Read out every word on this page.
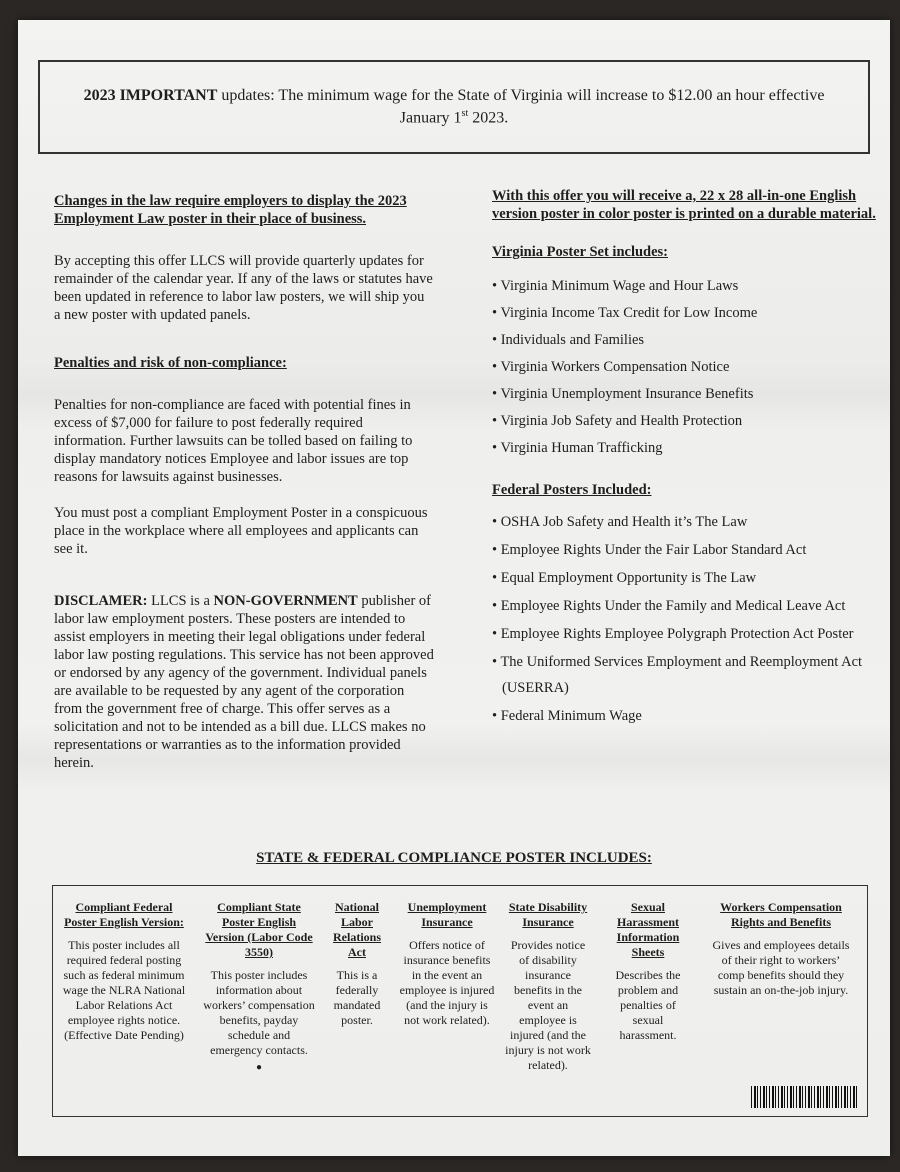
2023 IMPORTANT updates: The minimum wage for the State of Virginia will increase to $12.00 an hour effective
January 1st 2023.

Changes in the law require employers to display the 2023 Employment Law poster in their place of business.

By accepting this offer LLCS will provide quarterly updates for remainder of the calendar year. If any of the laws or statutes have been updated in reference to labor law posters, we will ship you a new poster with updated panels.

Penalties and risk of non-compliance:

Penalties for non-compliance are faced with potential fines in excess of $7,000 for failure to post federally required information. Further lawsuits can be tolled based on failing to display mandatory notices Employee and labor issues are top reasons for lawsuits against businesses.

You must post a compliant Employment Poster in a conspicuous place in the workplace where all employees and applicants can see it.

DISCLAMER: LLCS is a NON-GOVERNMENT publisher of labor law employment posters. These posters are intended to assist employers in meeting their legal obligations under federal labor law posting regulations. This service has not been approved or endorsed by any agency of the government. Individual panels are available to be requested by any agent of the corporation from the government free of charge. This offer serves as a solicitation and not to be intended as a bill due. LLCS makes no representations or warranties as to the information provided herein.

With this offer you will receive a, 22 x 28 all-in-one English version poster in color poster is printed on a durable material.

Virginia Poster Set includes:

• Virginia Minimum Wage and Hour Laws
• Virginia Income Tax Credit for Low Income
• Individuals and Families
• Virginia Workers Compensation Notice
• Virginia Unemployment Insurance Benefits
• Virginia Job Safety and Health Protection
• Virginia Human Trafficking

Federal Posters Included:

• OSHA Job Safety and Health it’s The Law
• Employee Rights Under the Fair Labor Standard Act
• Equal Employment Opportunity is The Law
• Employee Rights Under the Family and Medical Leave Act
• Employee Rights Employee Polygraph Protection Act Poster
• The Uniformed Services Employment and Reemployment Act (USERRA)
• Federal Minimum Wage
STATE & FEDERAL COMPLIANCE POSTER INCLUDES:
Compliant Federal Poster English Version:
This poster includes all required federal posting such as federal minimum wage the NLRA National Labor Relations Act employee rights notice. (Effective Date Pending)
Compliant State Poster English Version (Labor Code 3550)
This poster includes information about workers’ compensation benefits, payday schedule and emergency contacts.
●
National Labor Relations Act
This is a federally mandated poster.
Unemployment Insurance
Offers notice of insurance benefits in the event an employee is injured (and the injury is not work related).
State Disability Insurance
Provides notice of disability insurance benefits in the event an employee is injured (and the injury is not work related).
Sexual Harassment Information Sheets
Describes the problem and penalties of sexual harassment.
Workers Compensation Rights and Benefits
Gives and employees details of their right to workers’ comp benefits should they sustain an on-the-job injury.
